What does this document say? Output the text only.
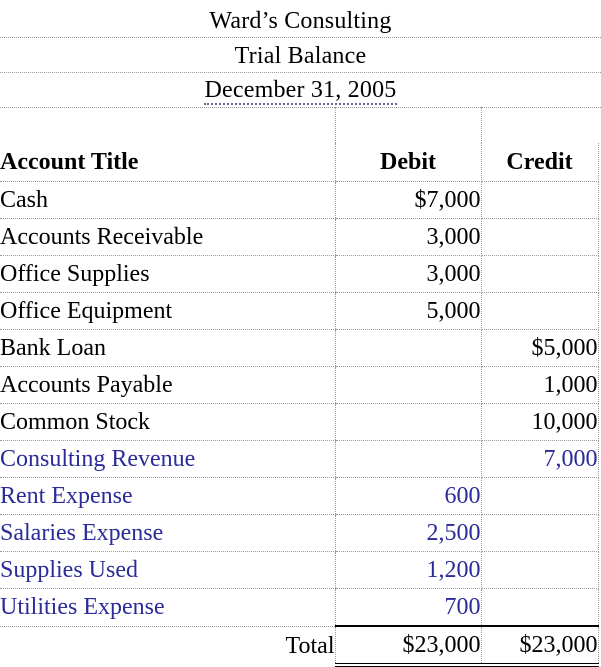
Ward’s Consulting
Trial Balance
December 31, 2005
Account Title	Debit	Credit
Cash	$7,000	
Accounts Receivable	3,000	
Office Supplies	3,000	
Office Equipment	5,000	
Bank Loan		$5,000
Accounts Payable		1,000
Common Stock		10,000
Consulting Revenue		7,000
Rent Expense	600	
Salaries Expense	2,500	
Supplies Used	1,200	
Utilities Expense	700	
Total	$23,000	$23,000
